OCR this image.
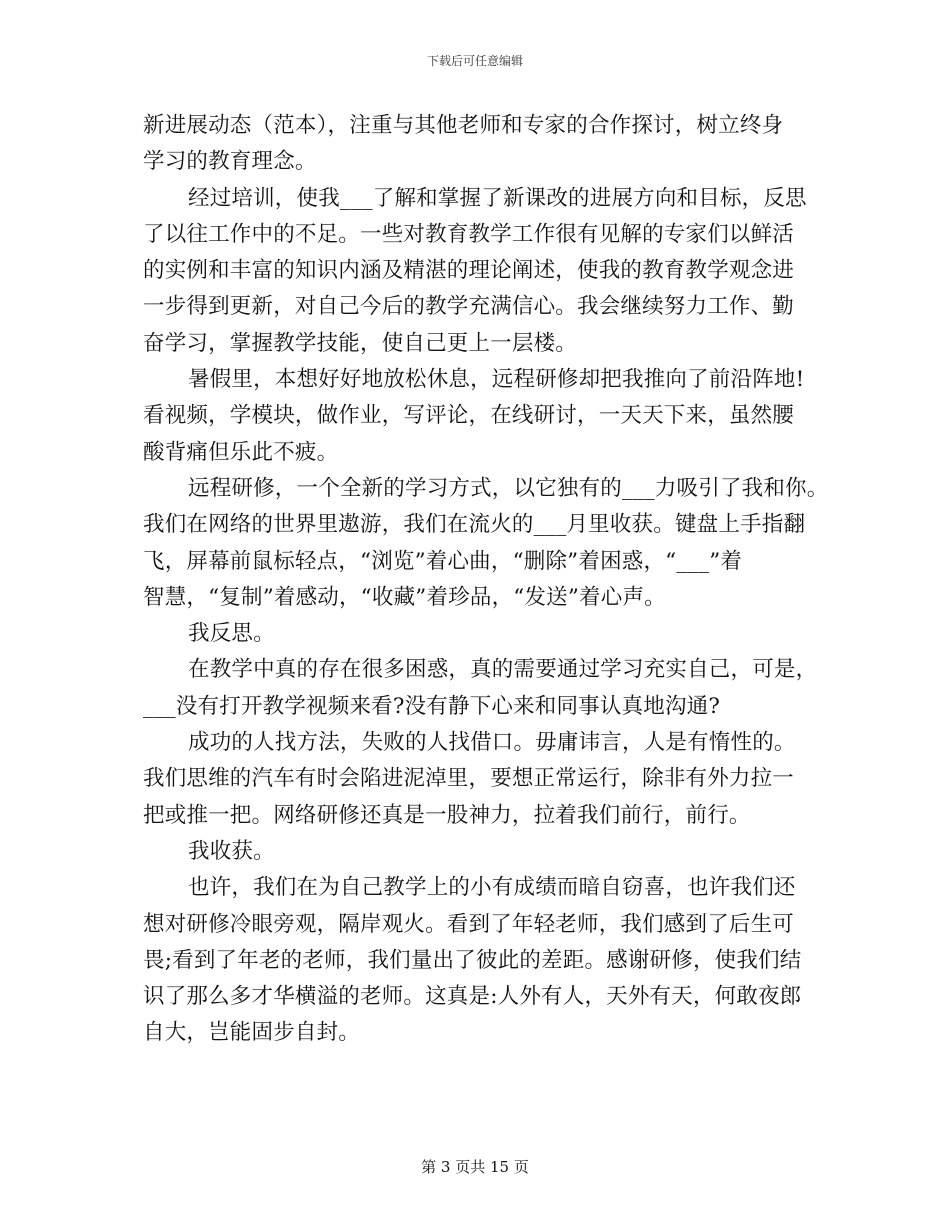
下载后可任意编辑
新进展动态（范本），注重与其他老师和专家的合作探讨，树立终身
学习的教育理念。
经过培训，使我___了解和掌握了新课改的进展方向和目标，反思
了以往工作中的不足。一些对教育教学工作很有见解的专家们以鲜活
的实例和丰富的知识内涵及精湛的理论阐述，使我的教育教学观念进
一步得到更新，对自己今后的教学充满信心。我会继续努力工作、勤
奋学习，掌握教学技能，使自己更上一层楼。
暑假里，本想好好地放松休息，远程研修却把我推向了前沿阵地!
看视频，学模块，做作业，写评论，在线研讨，一天天下来，虽然腰
酸背痛但乐此不疲。
远程研修，一个全新的学习方式，以它独有的___力吸引了我和你。
我们在网络的世界里遨游，我们在流火的___月里收获。键盘上手指翻
飞，屏幕前鼠标轻点，“浏览”着心曲，“删除”着困惑，“___”着
智慧，“复制”着感动，“收藏”着珍品，“发送”着心声。
我反思。
在教学中真的存在很多困惑，真的需要通过学习充实自己，可是，
___没有打开教学视频来看?没有静下心来和同事认真地沟通?
成功的人找方法，失败的人找借口。毋庸讳言，人是有惰性的。
我们思维的汽车有时会陷进泥淖里，要想正常运行，除非有外力拉一
把或推一把。网络研修还真是一股神力，拉着我们前行，前行。
我收获。
也许，我们在为自己教学上的小有成绩而暗自窃喜，也许我们还
想对研修冷眼旁观，隔岸观火。看到了年轻老师，我们感到了后生可
畏;看到了年老的老师，我们量出了彼此的差距。感谢研修，使我们结
识了那么多才华横溢的老师。这真是:人外有人，天外有天，何敢夜郎
自大，岂能固步自封。
第 3 页共 15 页
